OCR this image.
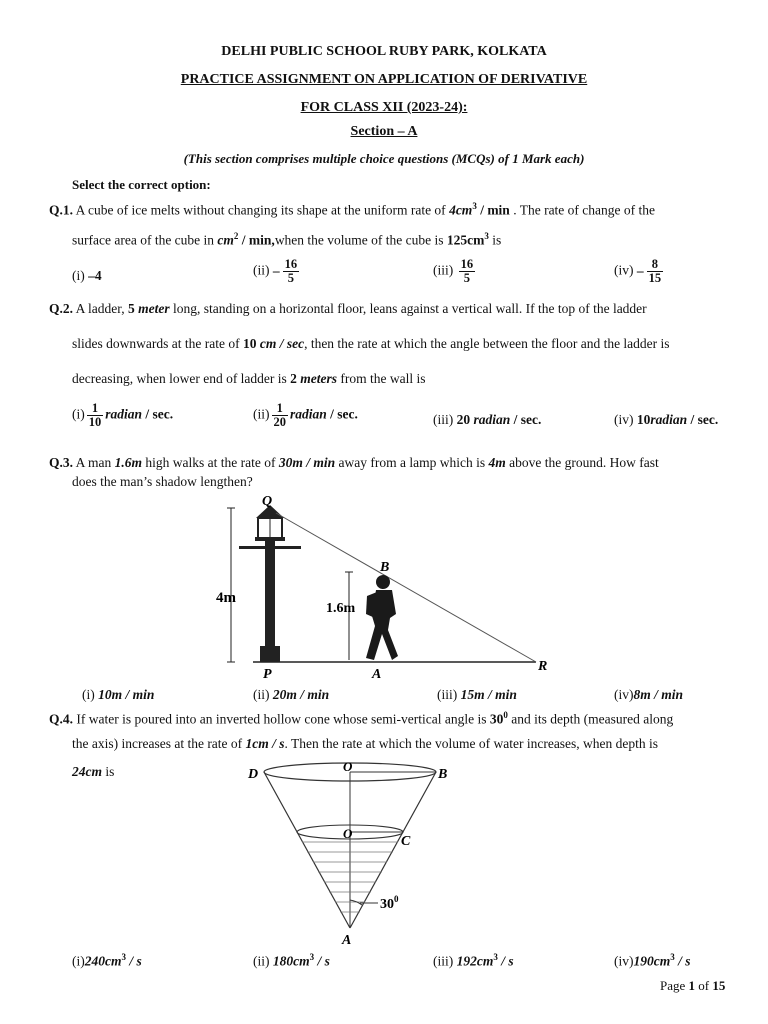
DELHI PUBLIC SCHOOL RUBY PARK, KOLKATA
PRACTICE ASSIGNMENT ON APPLICATION OF DERIVATIVE
FOR CLASS XII (2023-24):
Section – A
(This section comprises multiple choice questions (MCQs) of 1 Mark each)
Select the correct option:
Q.1. A cube of ice melts without changing its shape at the uniform rate of $4cm^3$ / min . The rate of change of the
surface area of the cube in $cm^2$ / min,when the volume of the cube is $125cm^3$ is
(i) –4	$(ii) - \frac{16}{5}$	$(iii) \frac{16}{5}$	$(iv) - \frac{8}{15}$
Q.2. A ladder, 5 meter long, standing on a horizontal floor, leans against a vertical wall. If the top of the ladder
slides downwards at the rate of 10 cm / sec, then the rate at which the angle between the floor and the ladder is
decreasing, when lower end of ladder is 2 meters from the wall is
$(i) \frac{1}{10}$ radian / sec.	$(ii) \frac{1}{20}$ radian / sec.	(iii) 20 radian / sec.	(iv) 10radian / sec.
Q.3. A man 1.6m high walks at the rate of 30m / min away from a lamp which is 4m above the ground. How fast
does the man’s shadow lengthen?
Q
B
P	A
R
4m
1.6m
(i) 10m / min	(ii) 20m / min	(iii) 15m / min	(iv)8m / min
Q.4. If water is poured into an inverted hollow cone whose semi-vertical angle is $30^0$ and its depth (measured along
the axis) increases at the rate of 1cm / s. Then the rate at which the volume of water increases, when depth is
24cm is	D
O
B
O
C
$30^0$
A
$(i)240cm^3$ / s	(ii) $180cm^3$ / s	(iii) $192cm^3$ / s	$(iv)190cm^3$ / s
Page 1 of 15
